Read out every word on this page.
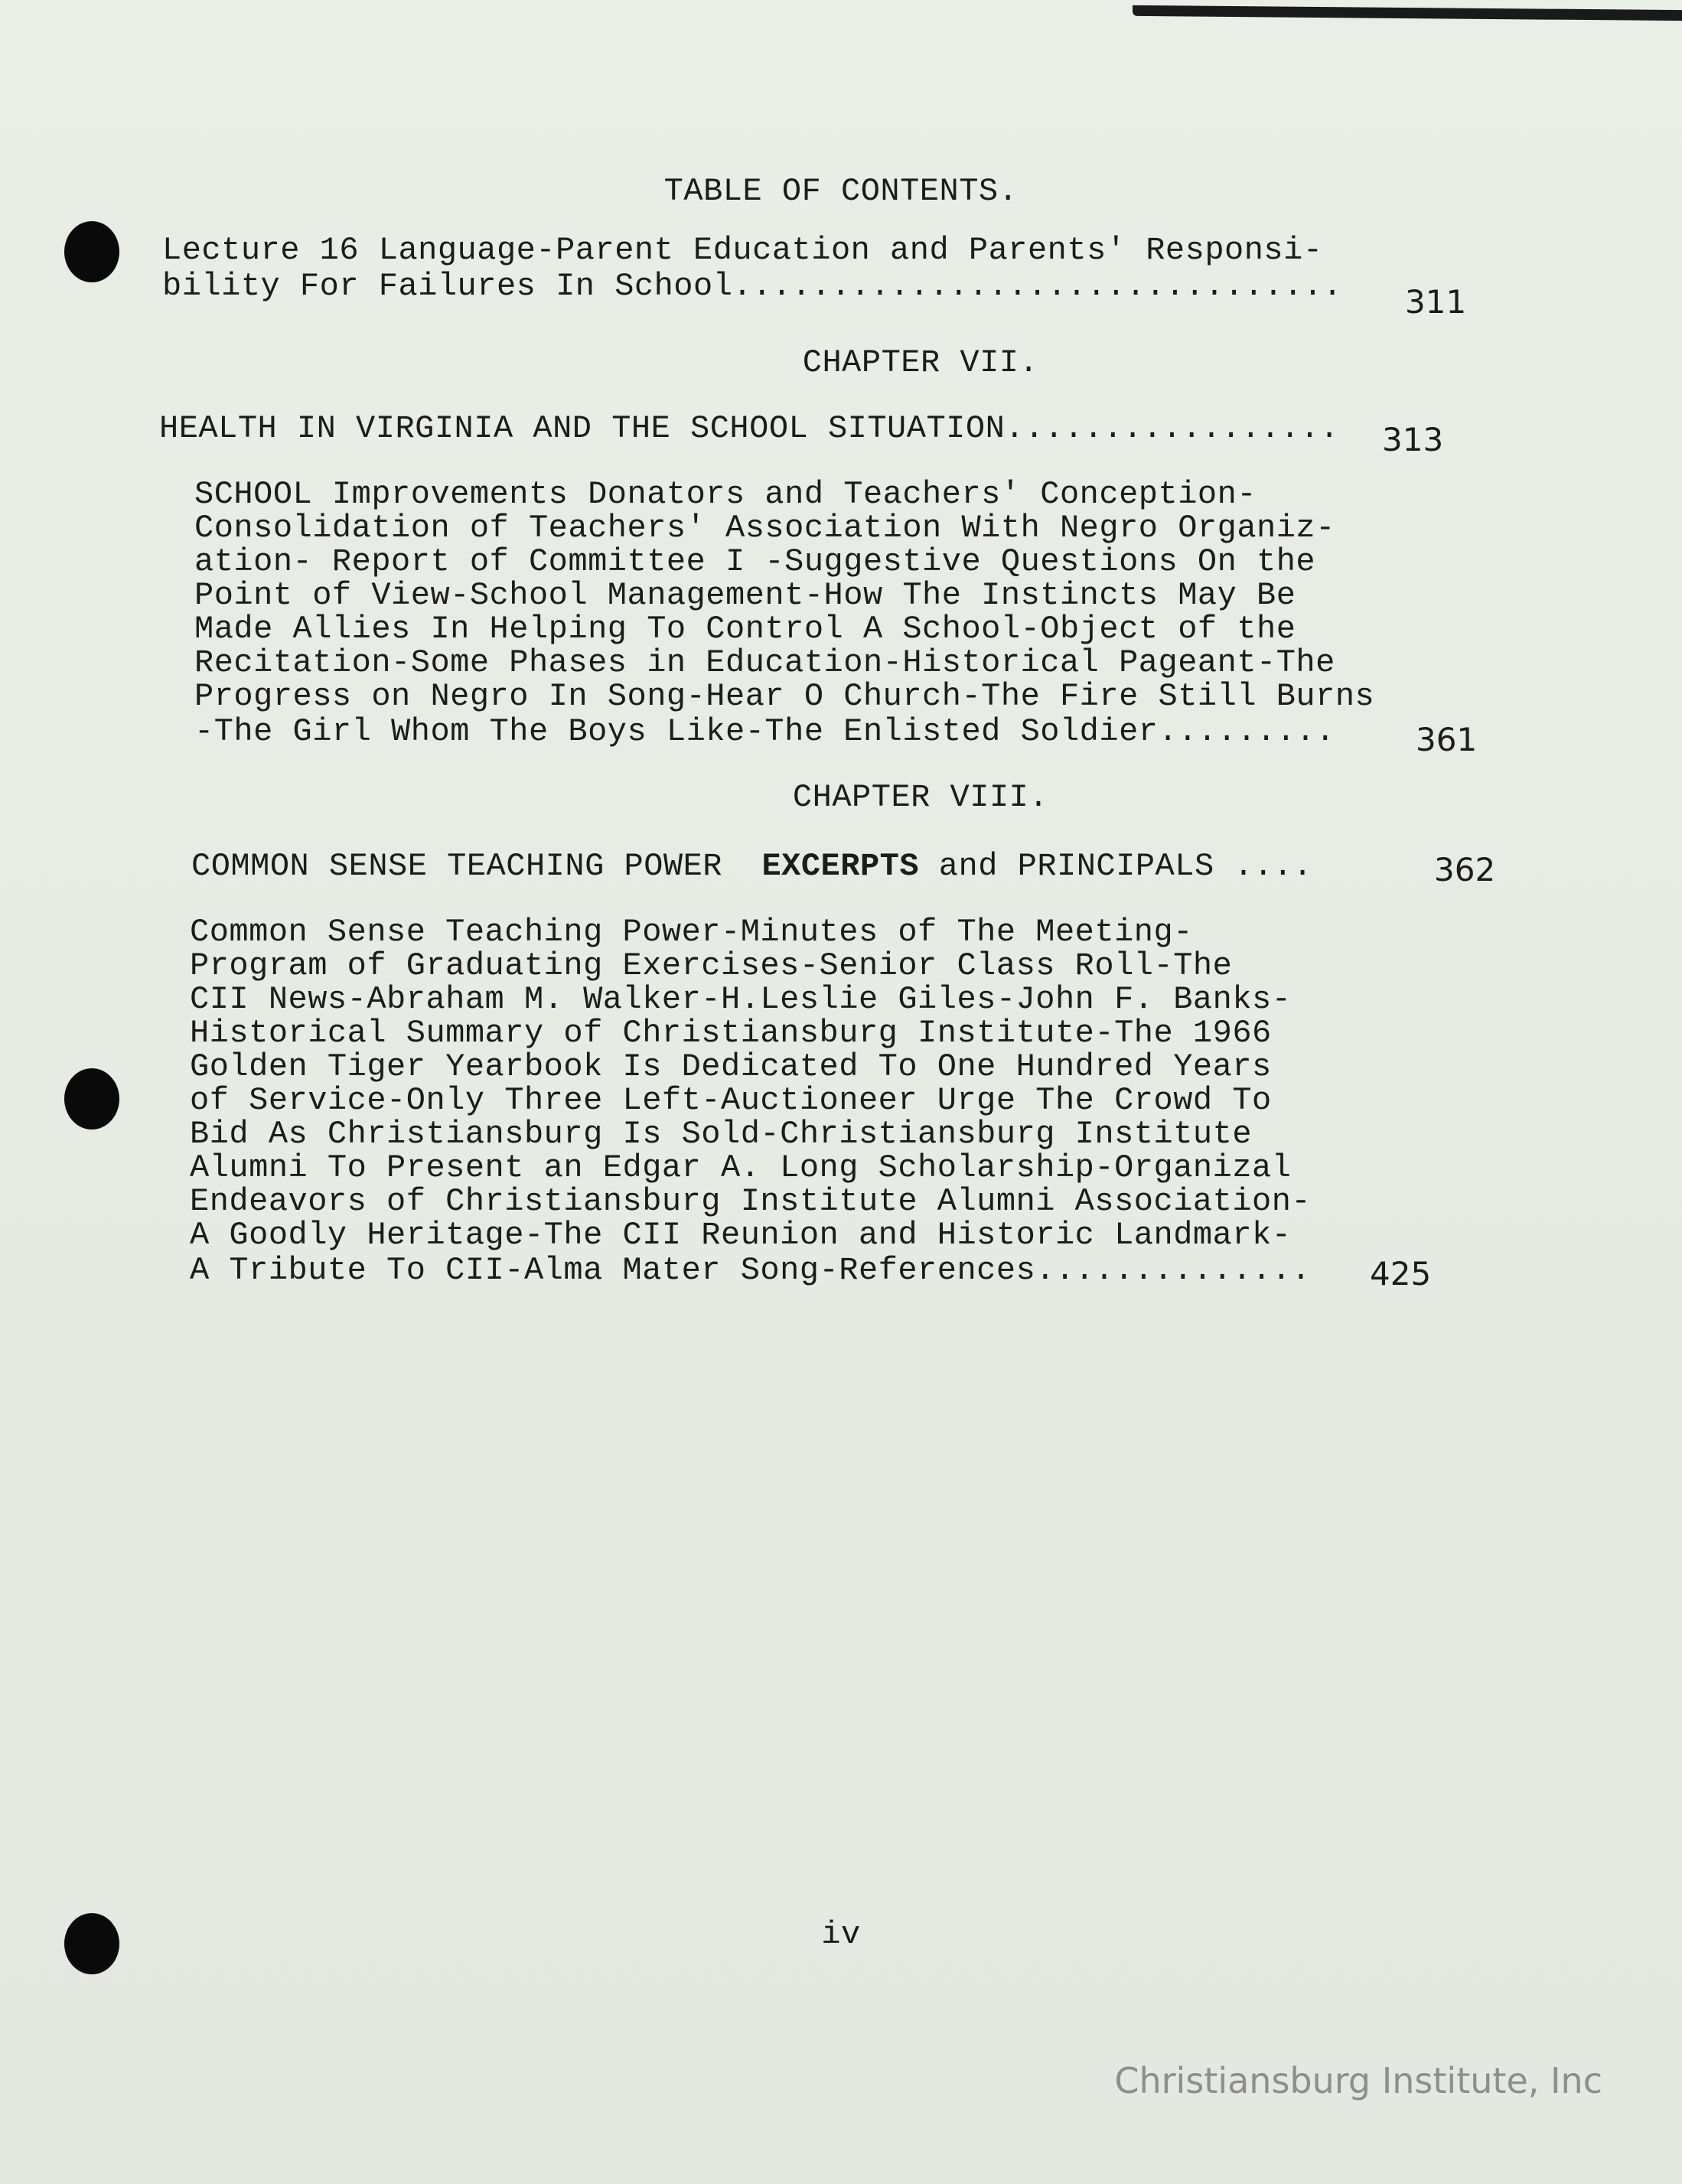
TABLE OF CONTENTS.
Lecture 16 Language-Parent Education and Parents' Responsi-
bility For Failures In School............................... 311
CHAPTER VII.
HEALTH IN VIRGINIA AND THE SCHOOL SITUATION................. 313
SCHOOL Improvements Donators and Teachers' Conception-
Consolidation of Teachers' Association With Negro Organiz-
ation- Report of Committee I -Suggestive Questions On the
Point of View-School Management-How The Instincts May Be
Made Allies In Helping To Control A School-Object of the
Recitation-Some Phases in Education-Historical Pageant-The
Progress on Negro In Song-Hear O Church-The Fire Still Burns
-The Girl Whom The Boys Like-The Enlisted Soldier.........	361
CHAPTER VIII.
COMMON SENSE TEACHING POWER EXCERPTS and PRINCIPALS ....	362
Common Sense Teaching Power-Minutes of The Meeting-
Program of Graduating Exercises-Senior Class Roll-The
CII News-Abraham M. Walker-H.Leslie Giles-John F. Banks-
Historical Summary of Christiansburg Institute-The 1966
Golden Tiger Yearbook Is Dedicated To One Hundred Years
of Service-Only Three Left-Auctioneer Urge The Crowd To
Bid As Christiansburg Is Sold-Christiansburg Institute
Alumni To Present an Edgar A. Long Scholarship-Organizal
Endeavors of Christiansburg Institute Alumni Association-
A Goodly Heritage-The CII Reunion and Historic Landmark-
A Tribute To CII-Alma Mater Song-References.............. 425
iv
Christiansburg Institute, Inc
